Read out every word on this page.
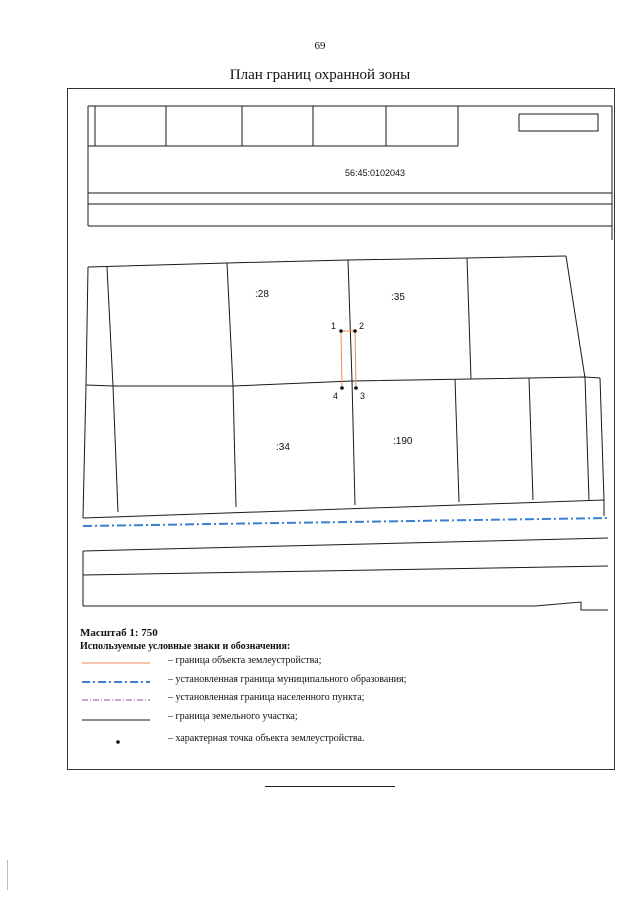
69
План границ охранной зоны
56:45:0102043
:28	:35
:34
:190
1	2
3
4
Масштаб 1: 750
Используемые условные знаки и обозначения:
– граница объекта землеустройства;
– установленная граница муниципального образования;
– установленная граница населенного пункта;
– граница земельного участка;
– характерная точка объекта землеустройства.
